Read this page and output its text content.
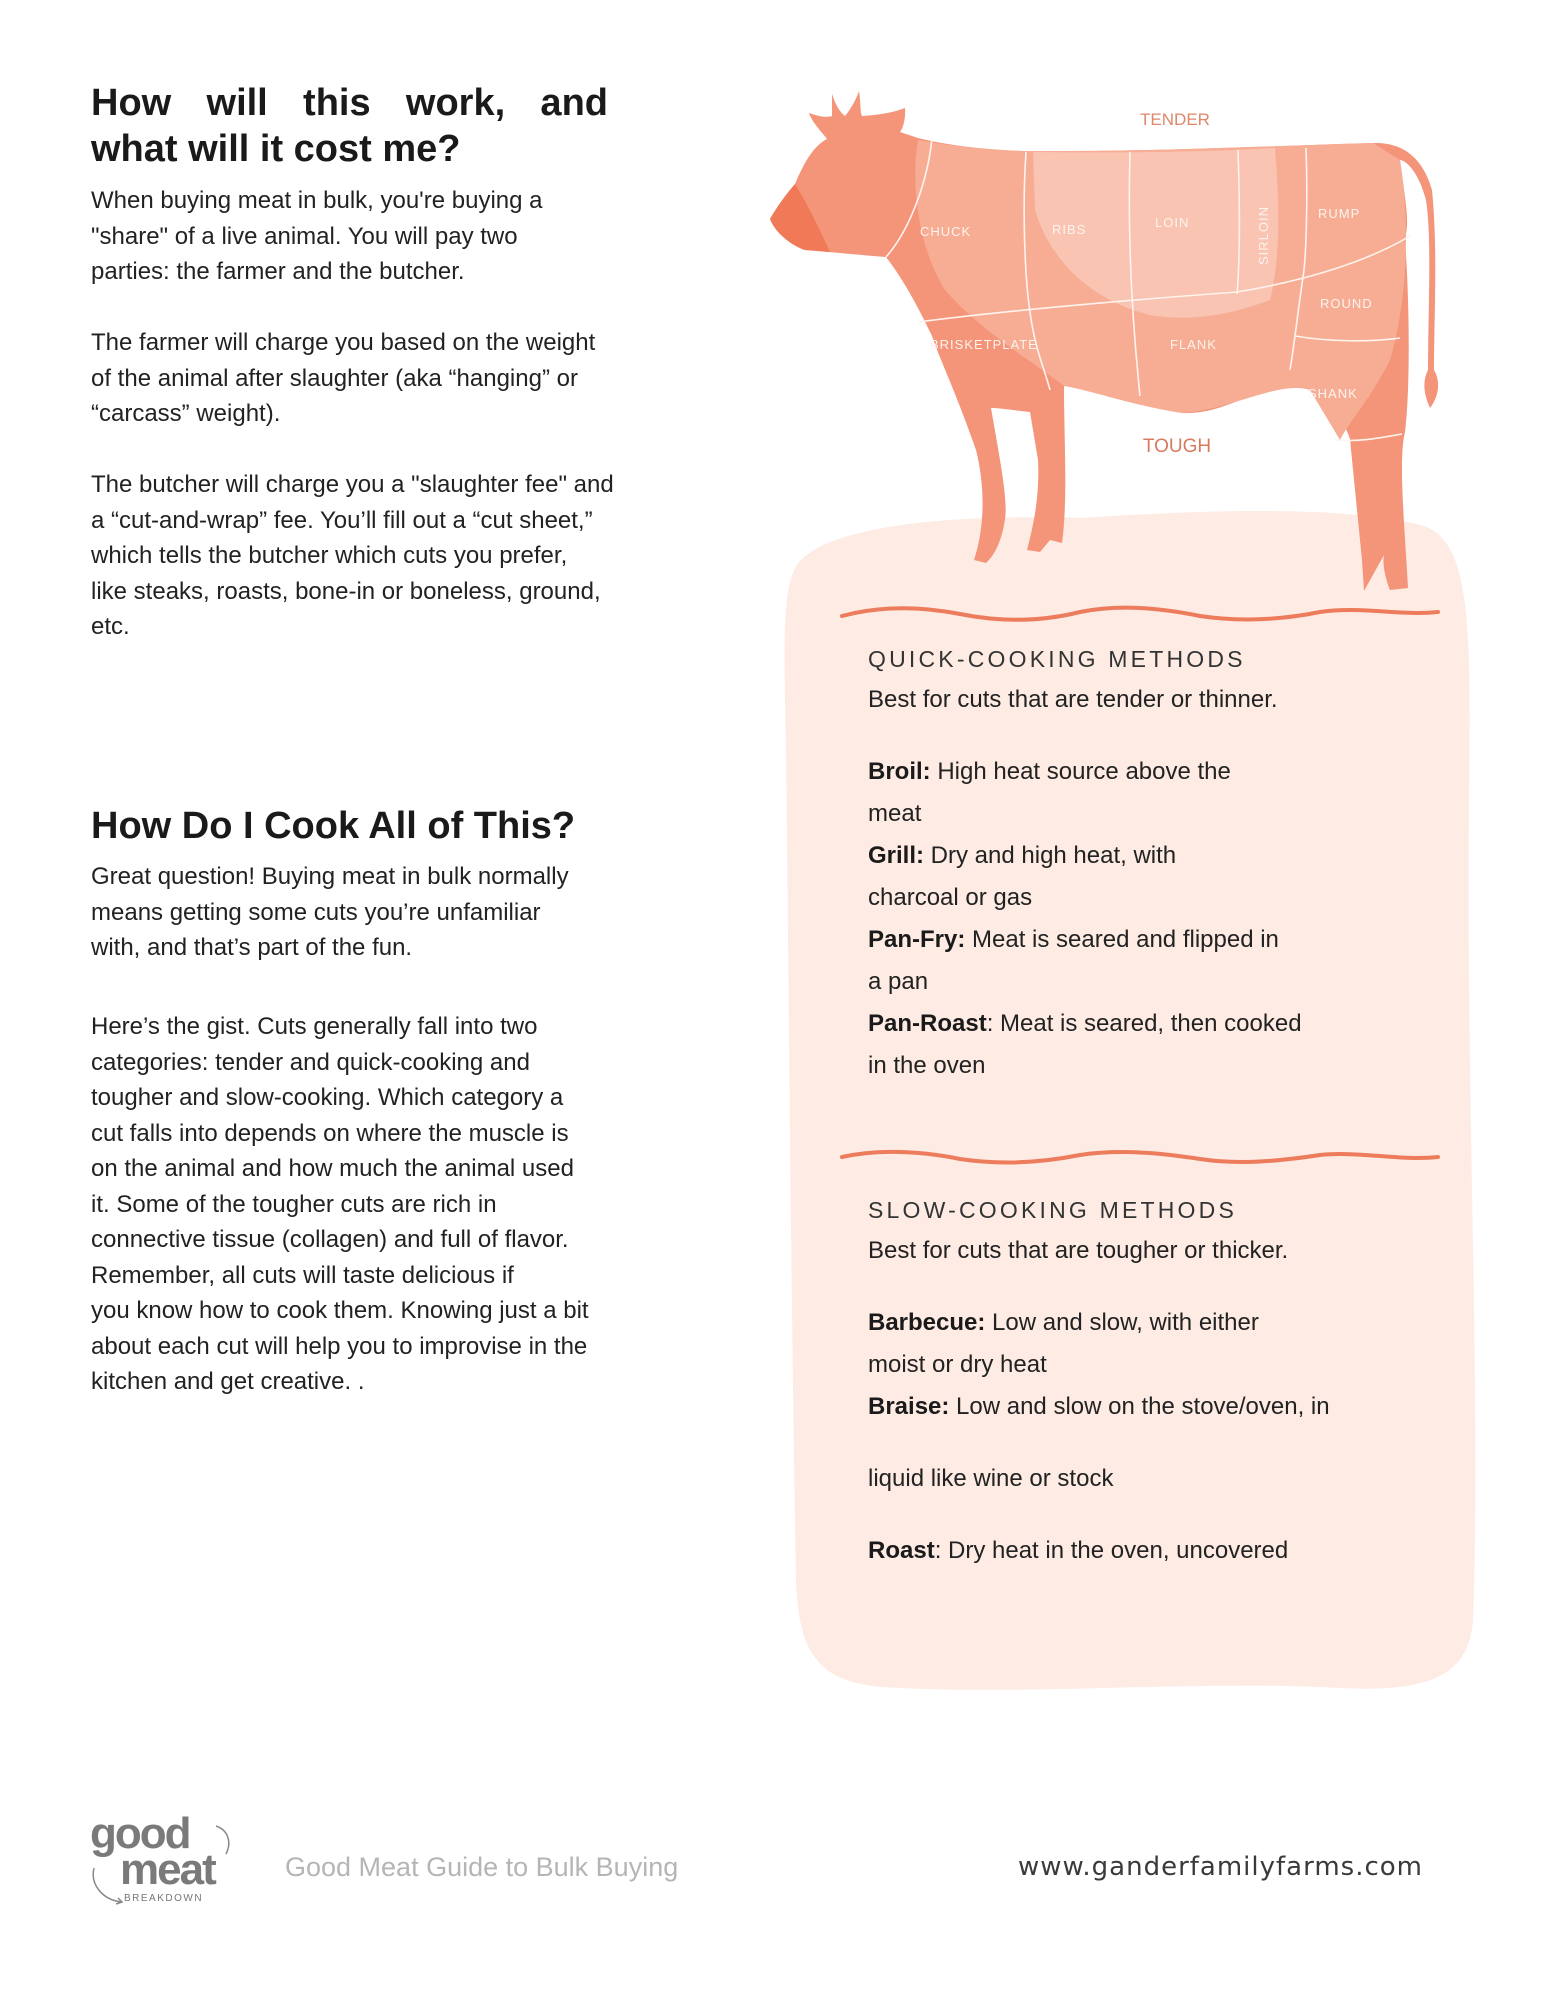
How will this work, and
what will it cost me?
When buying meat in bulk, you're buying a
"share" of a live animal. You will pay two
parties: the farmer and the butcher.
The farmer will charge you based on the weight
of the animal after slaughter (aka “hanging” or
“carcass” weight).
The butcher will charge you a "slaughter fee" and
a “cut-and-wrap” fee. You’ll fill out a “cut sheet,”
which tells the butcher which cuts you prefer,
like steaks, roasts, bone-in or boneless, ground,
etc.
How Do I Cook All of This?
Great question! Buying meat in bulk normally
means getting some cuts you’re unfamiliar
with, and that’s part of the fun.
Here’s the gist. Cuts generally fall into two
categories: tender and quick-cooking and
tougher and slow-cooking. Which category a
cut falls into depends on where the muscle is
on the animal and how much the animal used
it. Some of the tougher cuts are rich in
connective tissue (collagen) and full of flavor.
Remember, all cuts will taste delicious if
you know how to cook them. Knowing just a bit
about each cut will help you to improvise in the
kitchen and get creative. .
CHUCK	RIBS	LOIN	SIRLOIN	RUMP
ROUND
BRISKETPLATE	FLANK
SHANK
TENDER
TOUGH
QUICK-COOKING METHODS
Best for cuts that are tender or thinner.
Broil: High heat source above the
meat
Grill: Dry and high heat, with
charcoal or gas
Pan-Fry: Meat is seared and flipped in
a pan
Pan-Roast: Meat is seared, then cooked
in the oven
SLOW-COOKING METHODS
Best for cuts that are tougher or thicker.
Barbecue: Low and slow, with either
moist or dry heat
Braise: Low and slow on the stove/oven, in
liquid like wine or stock
Roast: Dry heat in the oven, uncovered
good
meat
BREAKDOWN
Good Meat Guide to Bulk Buying	www.ganderfamilyfarms.com
